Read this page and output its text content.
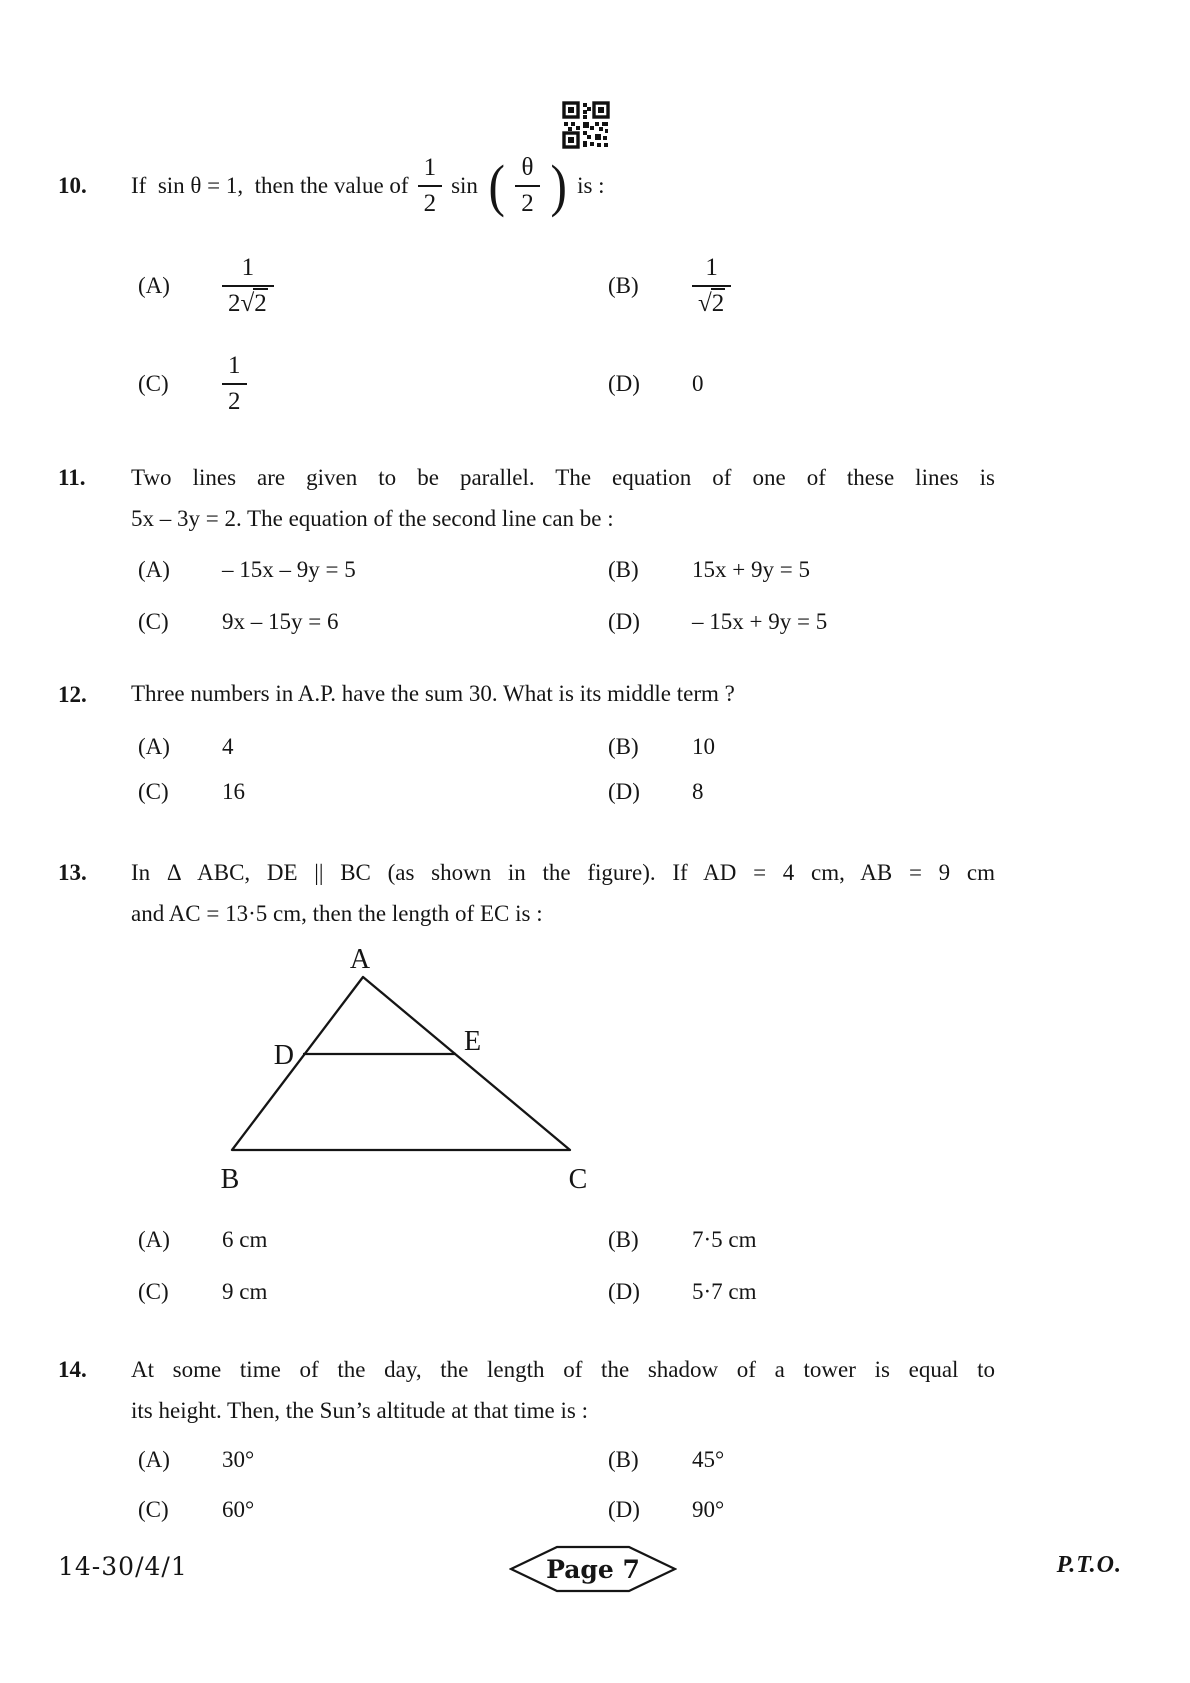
10.	If  sin θ = 1,  then the value of $\frac{1}{2}$ sin ( $\frac{\theta}{2}$ ) is :
(A)	$\frac{1}{2√2}$	(B)	$\frac{1}{√2}$
(C)	$\frac{1}{2}$	(D)	0
11.	Two lines are given to be parallel. The equation of one of these lines is
5x – 3y = 2. The equation of the second line can be :
(A)	– 15x – 9y = 5	(B)	15x + 9y = 5
(C)	9x – 15y = 6	(D)	– 15x + 9y = 5
12.	Three numbers in A.P. have the sum 30. What is its middle term ?
(A)	4	(B)	10
(C)	16	(D)	8
13.	In Δ ABC, DE || BC (as shown in the figure). If AD = 4 cm, AB = 9 cm
and AC = 13·5 cm, then the length of EC is :
A
D	E
B	C
(A)	6 cm	(B)	7·5 cm
(C)	9 cm	(D)	5·7 cm
14.	At some time of the day, the length of the shadow of a tower is equal to
its height. Then, the Sun’s altitude at that time is :
(A)	30°	(B)	45°
(C)	60°	(D)	90°
14-30/4/1	Page 7	P.T.O.
